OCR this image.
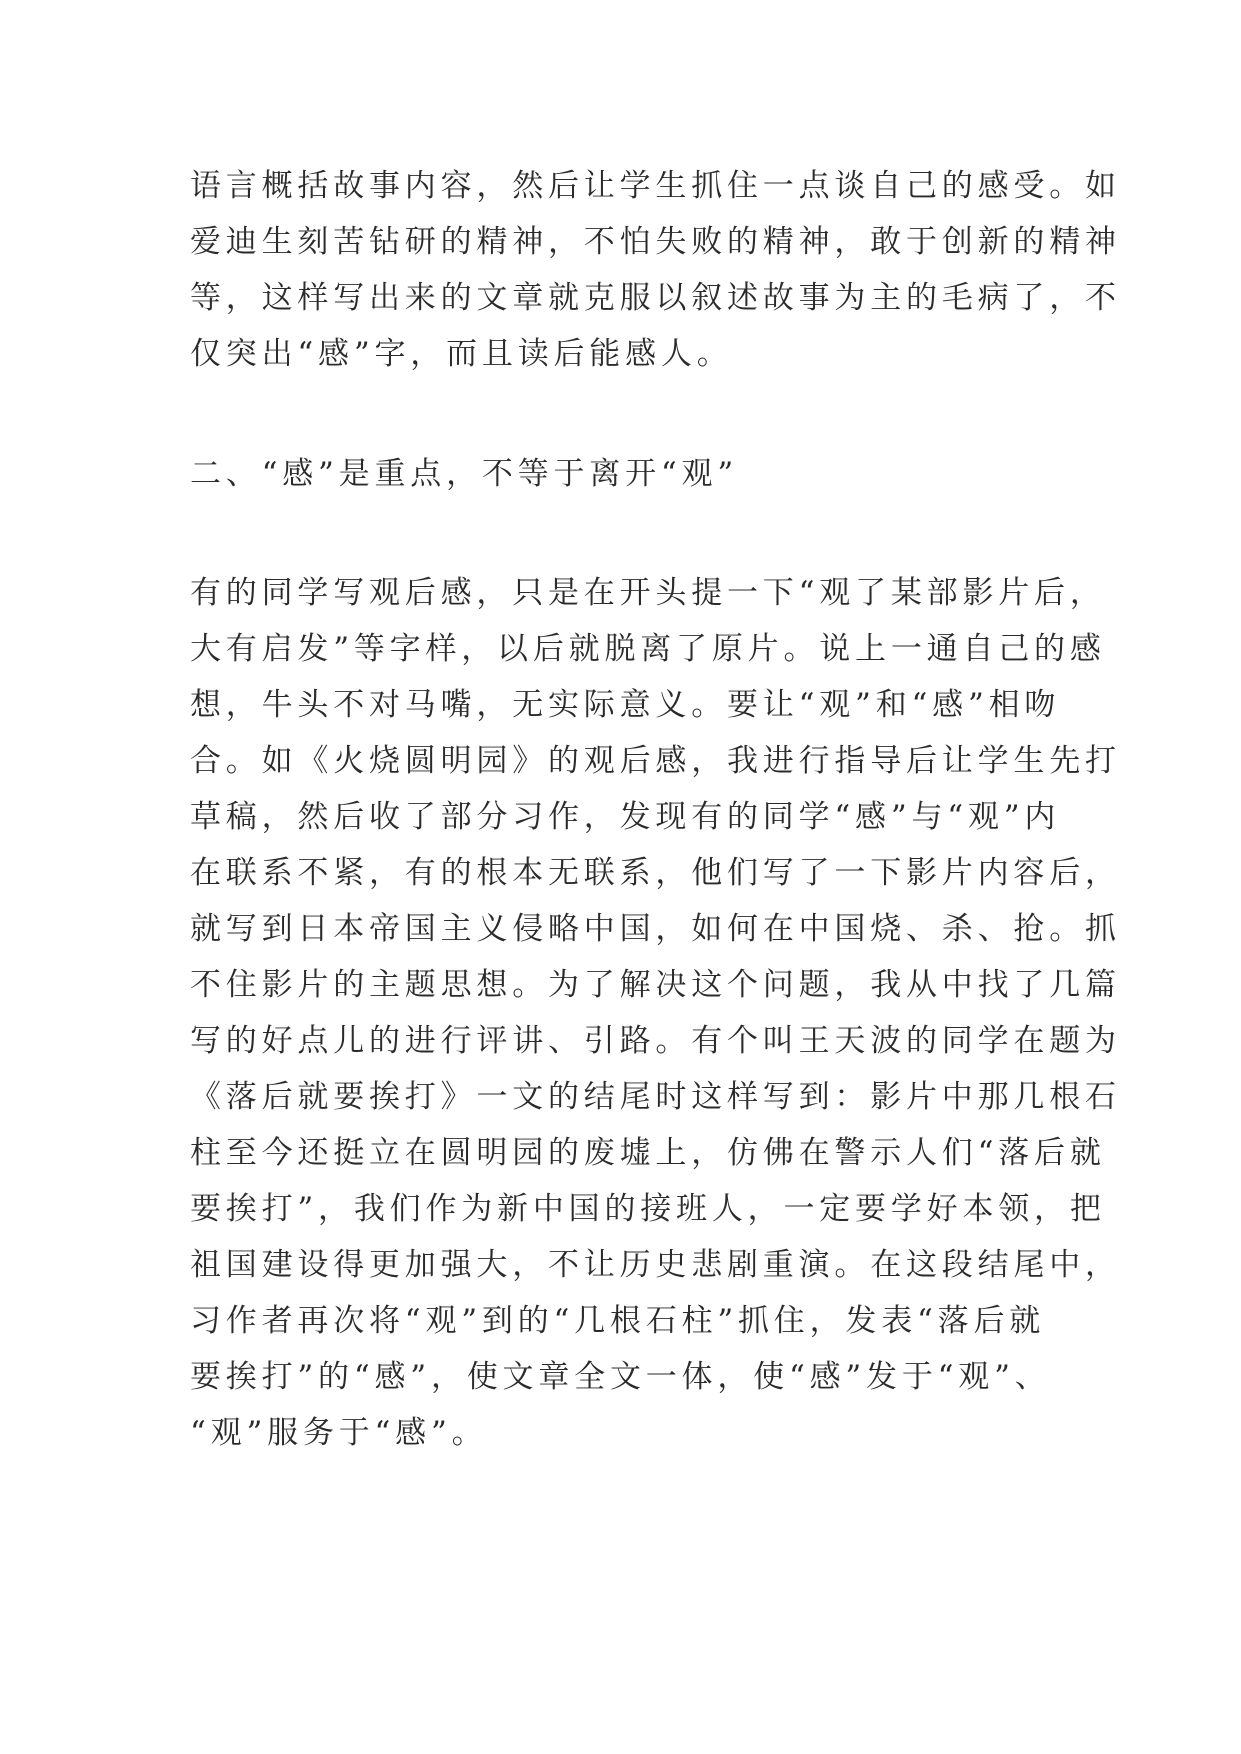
语言概括故事内容，然后让学生抓住一点谈自己的感受。如
爱迪生刻苦钻研的精神，不怕失败的精神，敢于创新的精神
等，这样写出来的文章就克服以叙述故事为主的毛病了，不
仅突出“感”字，而且读后能感人。
二、“感”是重点，不等于离开“观”
有的同学写观后感，只是在开头提一下“观了某部影片后，
大有启发”等字样，以后就脱离了原片。说上一通自己的感
想，牛头不对马嘴，无实际意义。要让“观”和“感”相吻
合。如《火烧圆明园》的观后感，我进行指导后让学生先打
草稿，然后收了部分习作，发现有的同学“感”与“观”内
在联系不紧，有的根本无联系，他们写了一下影片内容后，
就写到日本帝国主义侵略中国，如何在中国烧、杀、抢。抓
不住影片的主题思想。为了解决这个问题，我从中找了几篇
写的好点儿的进行评讲、引路。有个叫王天波的同学在题为
《落后就要挨打》一文的结尾时这样写到：影片中那几根石
柱至今还挺立在圆明园的废墟上，仿佛在警示人们“落后就
要挨打”，我们作为新中国的接班人，一定要学好本领，把
祖国建设得更加强大，不让历史悲剧重演。在这段结尾中，
习作者再次将“观”到的“几根石柱”抓住，发表“落后就
要挨打”的“感”，使文章全文一体，使“感”发于“观”、
“观”服务于“感”。
